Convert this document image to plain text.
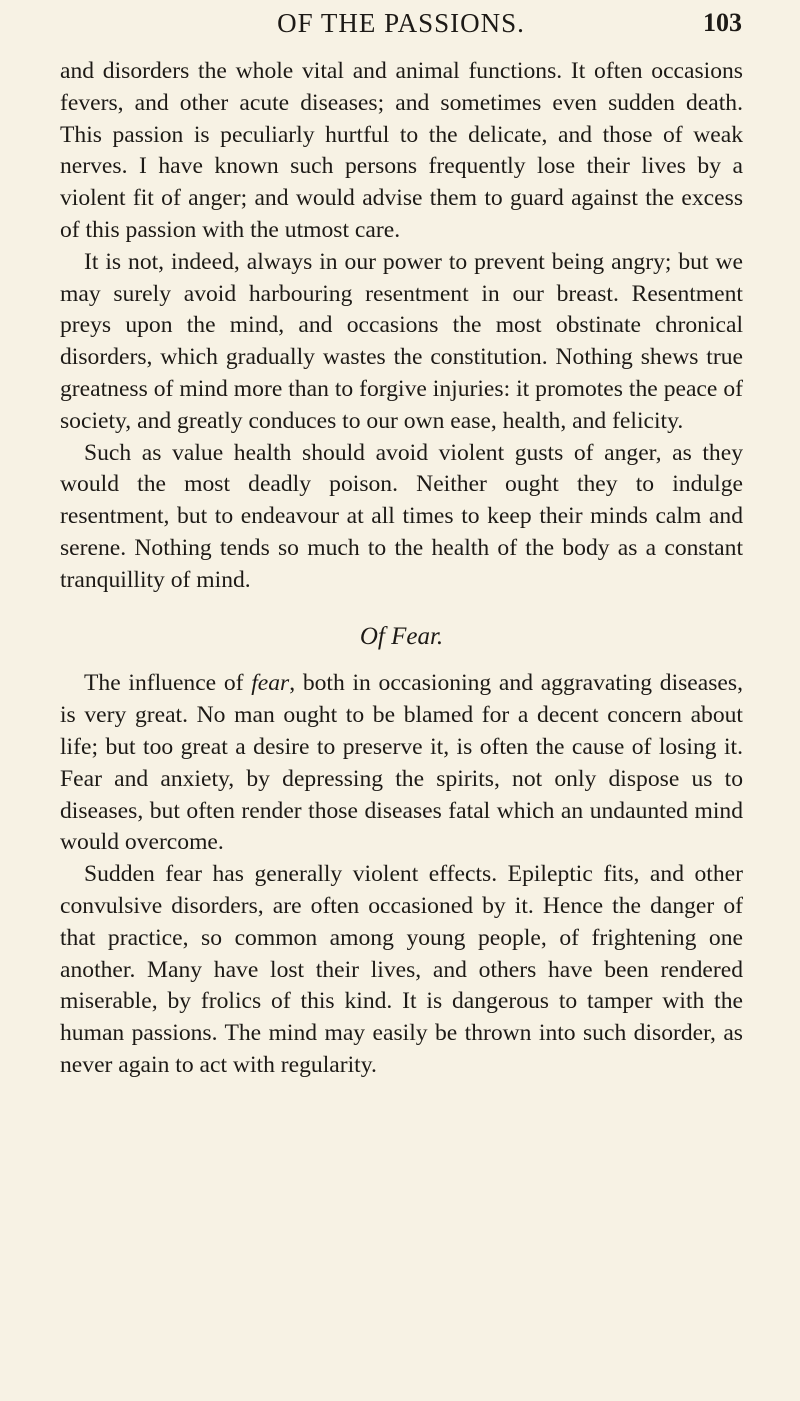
OF THE PASSIONS.	103

and disorders the whole vital and animal functions. It often occasions fevers, and other acute diseases; and sometimes even sudden death. This passion is peculiarly hurtful to the delicate, and those of weak nerves. I have known such persons frequently lose their lives by a violent fit of anger; and would advise them to guard against the excess of this passion with the utmost care.

It is not, indeed, always in our power to prevent being angry; but we may surely avoid harbouring resentment in our breast. Resentment preys upon the mind, and occasions the most obstinate chronical disorders, which gradually wastes the constitution. Nothing shews true greatness of mind more than to forgive injuries: it promotes the peace of society, and greatly conduces to our own ease, health, and felicity.

Such as value health should avoid violent gusts of anger, as they would the most deadly poison. Neither ought they to indulge resentment, but to endeavour at all times to keep their minds calm and serene. Nothing tends so much to the health of the body as a constant tranquillity of mind.

Of Fear.

The influence of fear, both in occasioning and aggravating diseases, is very great. No man ought to be blamed for a decent concern about life; but too great a desire to preserve it, is often the cause of losing it. Fear and anxiety, by depressing the spirits, not only dispose us to diseases, but often render those diseases fatal which an undaunted mind would overcome.

Sudden fear has generally violent effects. Epileptic fits, and other convulsive disorders, are often occasioned by it. Hence the danger of that practice, so common among young people, of frightening one another. Many have lost their lives, and others have been rendered miserable, by frolics of this kind. It is dangerous to tamper with the human passions. The mind may easily be thrown into such disorder, as never again to act with regularity.
